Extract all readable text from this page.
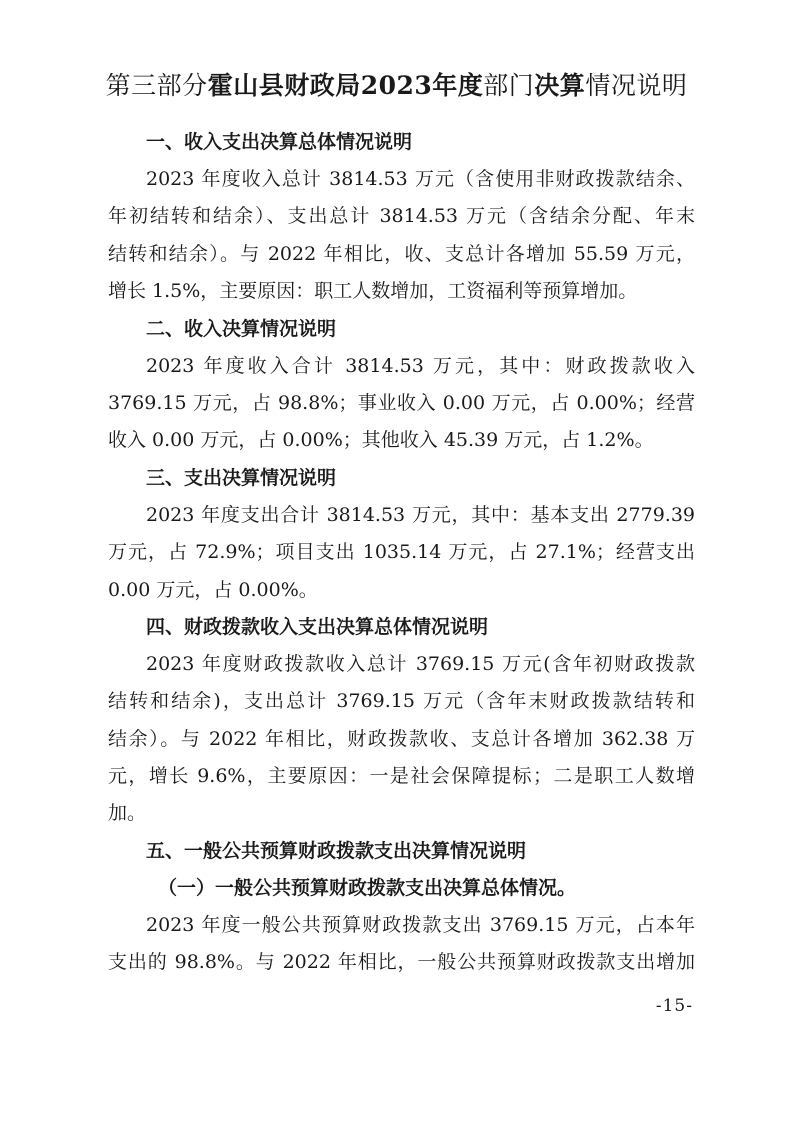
第三部分霍山县财政局2023年度部门决算情况说明

一、收入支出决算总体情况说明

2023 年度收入总计 3814.53 万元（含使用非财政拨款结余、
年初结转和结余）、支出总计 3814.53 万元（含结余分配、年末
结转和结余）。与 2022 年相比，收、支总计各增加 55.59 万元，
增长 1.5%，主要原因：职工人数增加，工资福利等预算增加。

二、收入决算情况说明

2023 年度收入合计 3814.53 万元，其中：财政拨款收入
3769.15 万元，占 98.8%；事业收入 0.00 万元，占 0.00%；经营
收入 0.00 万元，占 0.00%；其他收入 45.39 万元，占 1.2%。

三、支出决算情况说明

2023 年度支出合计 3814.53 万元，其中：基本支出 2779.39
万元，占 72.9%；项目支出 1035.14 万元，占 27.1%；经营支出
0.00 万元，占 0.00%。

四、财政拨款收入支出决算总体情况说明

2023 年度财政拨款收入总计 3769.15 万元(含年初财政拨款
结转和结余)，支出总计 3769.15 万元（含年末财政拨款结转和
结余）。与 2022 年相比，财政拨款收、支总计各增加 362.38 万
元，增长 9.6%，主要原因：一是社会保障提标；二是职工人数增
加。

五、一般公共预算财政拨款支出决算情况说明

（一）一般公共预算财政拨款支出决算总体情况。

2023 年度一般公共预算财政拨款支出 3769.15 万元，占本年
支出的 98.8%。与 2022 年相比，一般公共预算财政拨款支出增加
-15-
